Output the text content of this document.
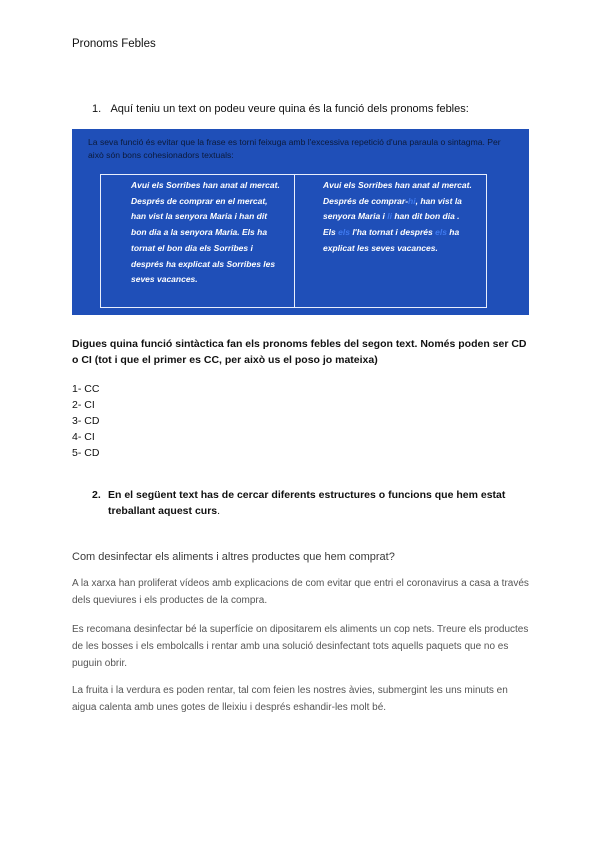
Pronoms Febles
1. Aquí teniu un text on podeu veure quina és la funció dels pronoms febles:
La seva funció és evitar que la frase es torni feixuga amb l'excessiva repetició d'una paraula o sintagma. Per això són bons cohesionadors textuals:

Avui els Sorribes han anat al mercat. Després de comprar en el mercat, han vist la senyora Maria i han dit bon dia a la senyora Maria. Els ha tornat el bon dia els Sorribes i després ha explicat als Sorribes les seves vacances.

Avui els Sorribes han anat al mercat. Després de comprar-hi, han vist la senyora Maria i li han dit bon dia . Els els l'ha tornat i després els ha explicat les seves vacances.

Digues quina funció sintàctica fan els pronoms febles del segon text. Només poden ser CD o CI (tot i que el primer es CC, per això us el poso jo mateixa)
1- CC
2- CI
3- CD
4- CI
5- CD
2. En el següent text has de cercar diferents estructures o funcions que hem estat treballant aquest curs.
Com desinfectar els aliments i altres productes que hem comprat?
A la xarxa han proliferat vídeos amb explicacions de com evitar que entri el coronavirus a casa a través dels queviures i els productes de la compra.
Es recomana desinfectar bé la superfície on dipositarem els aliments un cop nets. Treure els productes de les bosses i els embolcalls i rentar amb una solució desinfectant tots aquells paquets que no es puguin obrir.
La fruita i la verdura es poden rentar, tal com feien les nostres àvies, submergint les uns minuts en aigua calenta amb unes gotes de lleixiu i després eshandir-les molt bé.
